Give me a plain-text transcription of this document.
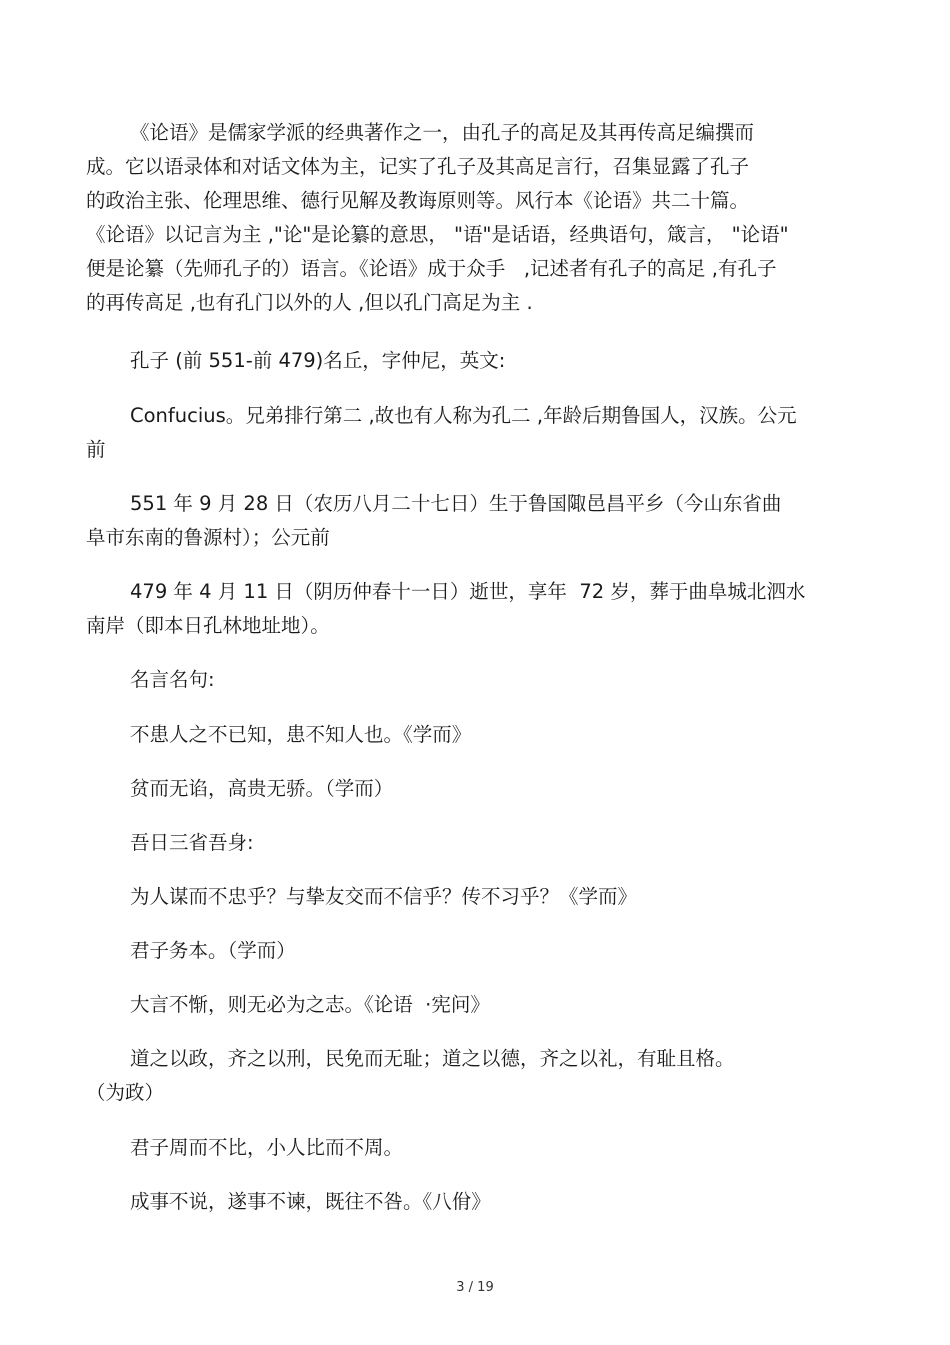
《论语》是儒家学派的经典著作之一，由孔子的高足及其再传高足编撰而
成。它以语录体和对话文体为主，记实了孔子及其高足言行，召集显露了孔子
的政治主张、伦理思维、德行见解及教诲原则等。风行本《论语》共二十篇。
《论语》以记言为主 ,"论"是论纂的意思， "语"是话语，经典语句，箴言， "论语"
便是论纂（先师孔子的）语言。《论语》成于众手   ,记述者有孔子的高足 ,有孔子
的再传高足 ,也有孔门以外的人 ,但以孔门高足为主 .
孔子 (前 551-前 479)名丘，字仲尼，英文:
Confucius。兄弟排行第二 ,故也有人称为孔二 ,年龄后期鲁国人，汉族。公元
前
551 年 9 月 28 日（农历八月二十七日）生于鲁国陬邑昌平乡（今山东省曲
阜市东南的鲁源村）；公元前
479 年 4 月 11 日（阴历仲春十一日）逝世，享年  72 岁，葬于曲阜城北泗水
南岸（即本日孔林地址地）。
名言名句:
不患人之不已知，患不知人也。《学而》
贫而无谄，高贵无骄。（学而）
吾日三省吾身:
为人谋而不忠乎？与挚友交而不信乎？传不习乎？《学而》
君子务本。（学而）
大言不惭，则无必为之志。《论语  ·宪问》
道之以政，齐之以刑，民免而无耻；道之以德，齐之以礼，有耻且格。
（为政）
君子周而不比，小人比而不周。
成事不说，遂事不谏，既往不咎。《八佾》
3 / 19
